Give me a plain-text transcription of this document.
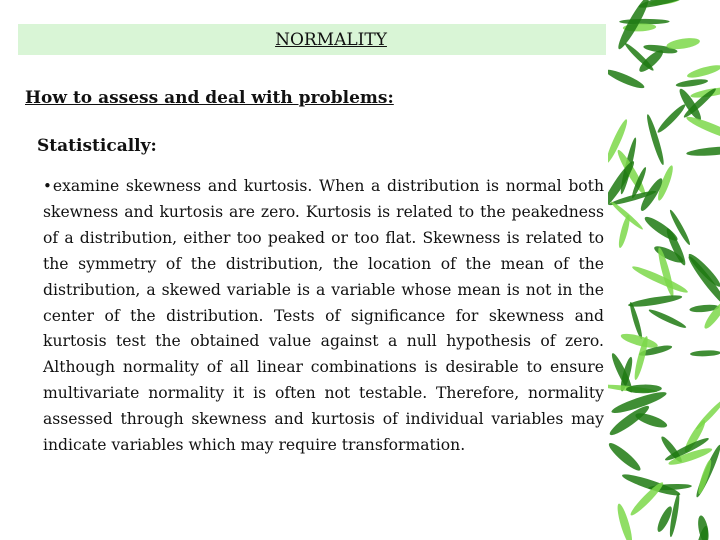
NORMALITY
How to assess and deal with problems:
Statistically:

•examine skewness and kurtosis. When a distribution is normal both skewness and kurtosis are zero. Kurtosis is related to the peakedness of a distribution, either too peaked or too flat. Skewness is related to the symmetry of the distribution, the location of the mean of the distribution, a skewed variable is a variable whose mean is not in the center of the distribution. Tests of significance for skewness and kurtosis test the obtained value against a null hypothesis of zero. Although normality of all linear combinations is desirable to ensure multivariate normality it is often not testable. Therefore, normality assessed through skewness and kurtosis of individual variables may indicate variables which may require transformation.
